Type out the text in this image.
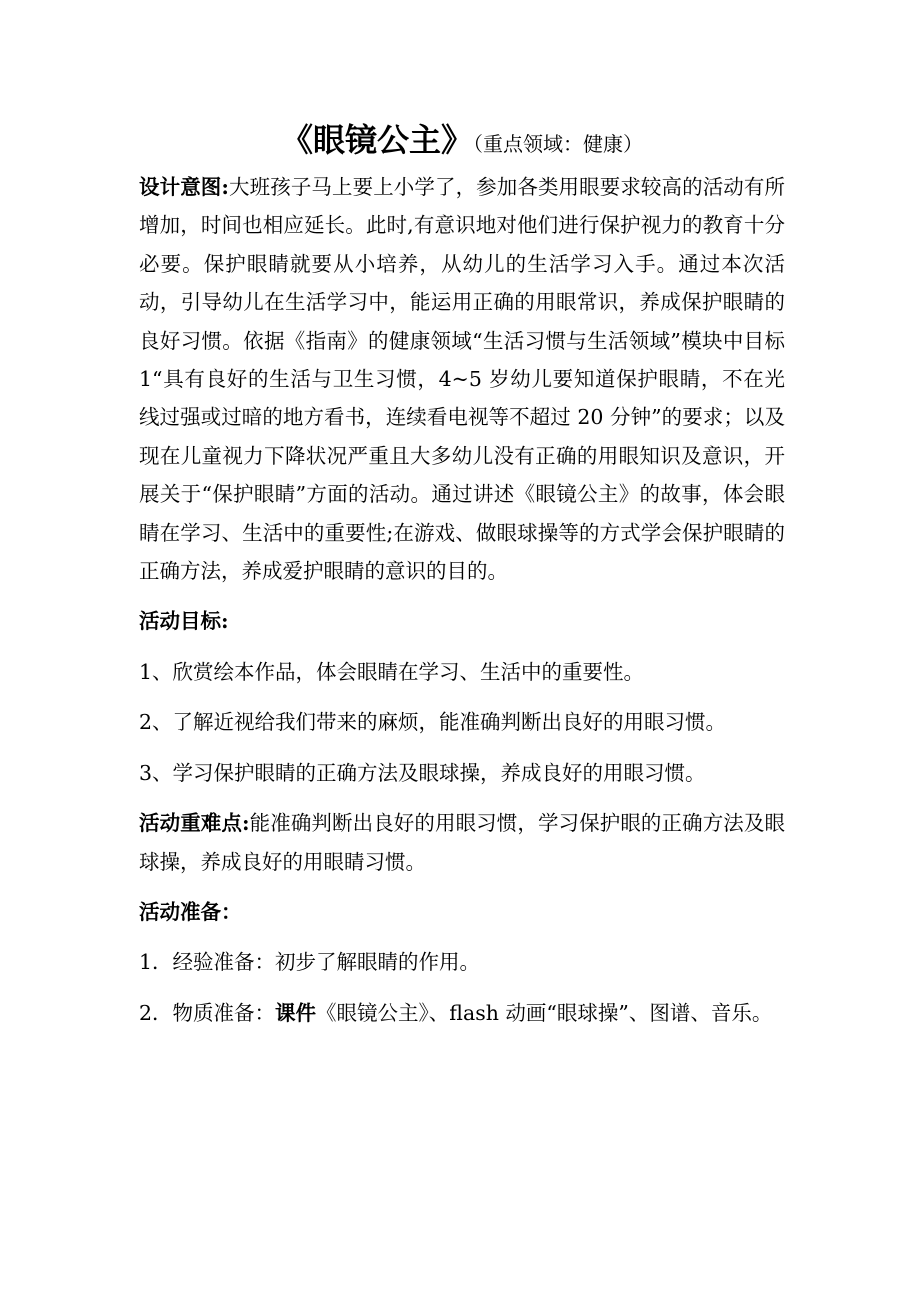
《眼镜公主》（重点领域：健康）

设计意图:大班孩子马上要上小学了，参加各类用眼要求较高的活动有所增加，时间也相应延长。此时,有意识地对他们进行保护视力的教育十分必要。保护眼睛就要从小培养，从幼儿的生活学习入手。通过本次活动，引导幼儿在生活学习中，能运用正确的用眼常识，养成保护眼睛的良好习惯。依据《指南》的健康领域“生活习惯与生活领域”模块中目标 1“具有良好的生活与卫生习惯，4~5 岁幼儿要知道保护眼睛，不在光线过强或过暗的地方看书，连续看电视等不超过 20 分钟”的要求；以及现在儿童视力下降状况严重且大多幼儿没有正确的用眼知识及意识，开展关于“保护眼睛”方面的活动。通过讲述《眼镜公主》的故事，体会眼睛在学习、生活中的重要性;在游戏、做眼球操等的方式学会保护眼睛的正确方法，养成爱护眼睛的意识的目的。

活动目标:

1、欣赏绘本作品，体会眼睛在学习、生活中的重要性。

2、了解近视给我们带来的麻烦，能准确判断出良好的用眼习惯。

3、学习保护眼睛的正确方法及眼球操，养成良好的用眼习惯。

活动重难点:能准确判断出良好的用眼习惯，学习保护眼的正确方法及眼球操，养成良好的用眼睛习惯。

活动准备：

1．经验准备：初步了解眼睛的作用。

2．物质准备：课件《眼镜公主》、flash 动画“眼球操”、图谱、音乐。
